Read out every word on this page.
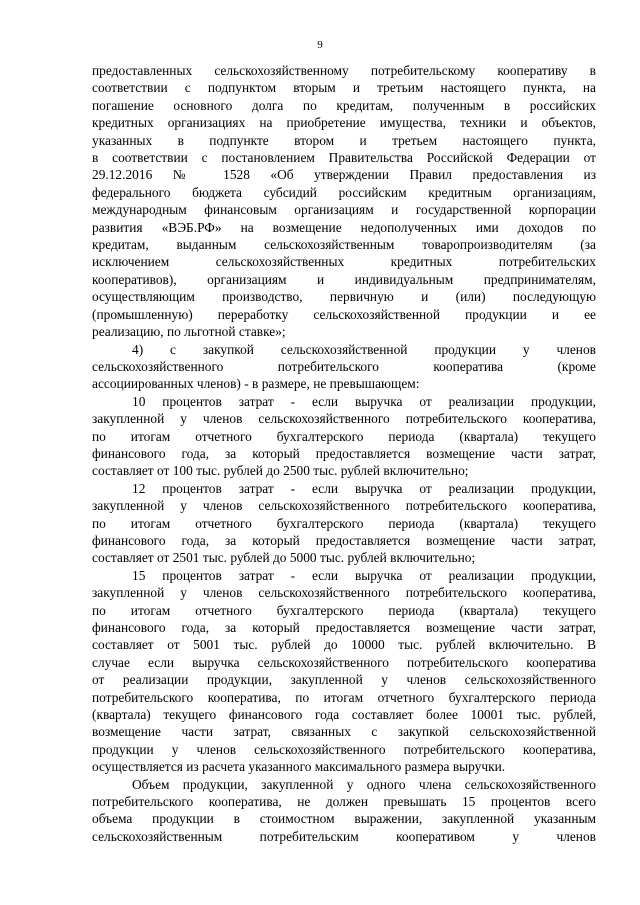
9

предоставленных сельскохозяйственному потребительскому кооперативу в
соответствии с подпунктом вторым и третьим настоящего пункта, на
погашение основного долга по кредитам, полученным в российских
кредитных организациях на приобретение имущества, техники и объектов,
указанных в подпункте втором и третьем настоящего пункта,
в соответствии с постановлением Правительства Российской Федерации от
29.12.2016 № 1528 «Об утверждении Правил предоставления из
федерального бюджета субсидий российским кредитным организациям,
международным финансовым организациям и государственной корпорации
развития «ВЭБ.РФ» на возмещение недополученных ими доходов по
кредитам, выданным сельскохозяйственным товаропроизводителям (за
исключением сельскохозяйственных кредитных потребительских
кооперативов), организациям и индивидуальным предпринимателям,
осуществляющим производство, первичную и (или) последующую
(промышленную) переработку сельскохозяйственной продукции и ее
реализацию, по льготной ставке»;

4) с закупкой сельскохозяйственной продукции у членов
сельскохозяйственного потребительского кооператива (кроме
ассоциированных членов) - в размере, не превышающем:

10 процентов затрат - если выручка от реализации продукции,
закупленной у членов сельскохозяйственного потребительского кооператива,
по итогам отчетного бухгалтерского периода (квартала) текущего
финансового года, за который предоставляется возмещение части затрат,
составляет от 100 тыс. рублей до 2500 тыс. рублей включительно;

12 процентов затрат - если выручка от реализации продукции,
закупленной у членов сельскохозяйственного потребительского кооператива,
по итогам отчетного бухгалтерского периода (квартала) текущего
финансового года, за который предоставляется возмещение части затрат,
составляет от 2501 тыс. рублей до 5000 тыс. рублей включительно;

15 процентов затрат - если выручка от реализации продукции,
закупленной у членов сельскохозяйственного потребительского кооператива,
по итогам отчетного бухгалтерского периода (квартала) текущего
финансового года, за который предоставляется возмещение части затрат,
составляет от 5001 тыс. рублей до 10000 тыс. рублей включительно. В
случае если выручка сельскохозяйственного потребительского кооператива
от реализации продукции, закупленной у членов сельскохозяйственного
потребительского кооператива, по итогам отчетного бухгалтерского периода
(квартала) текущего финансового года составляет более 10001 тыс. рублей,
возмещение части затрат, связанных с закупкой сельскохозяйственной
продукции у членов сельскохозяйственного потребительского кооператива,
осуществляется из расчета указанного максимального размера выручки.

Объем продукции, закупленной у одного члена сельскохозяйственного
потребительского кооператива, не должен превышать 15 процентов всего
объема продукции в стоимостном выражении, закупленной указанным
сельскохозяйственным потребительским кооперативом у членов
